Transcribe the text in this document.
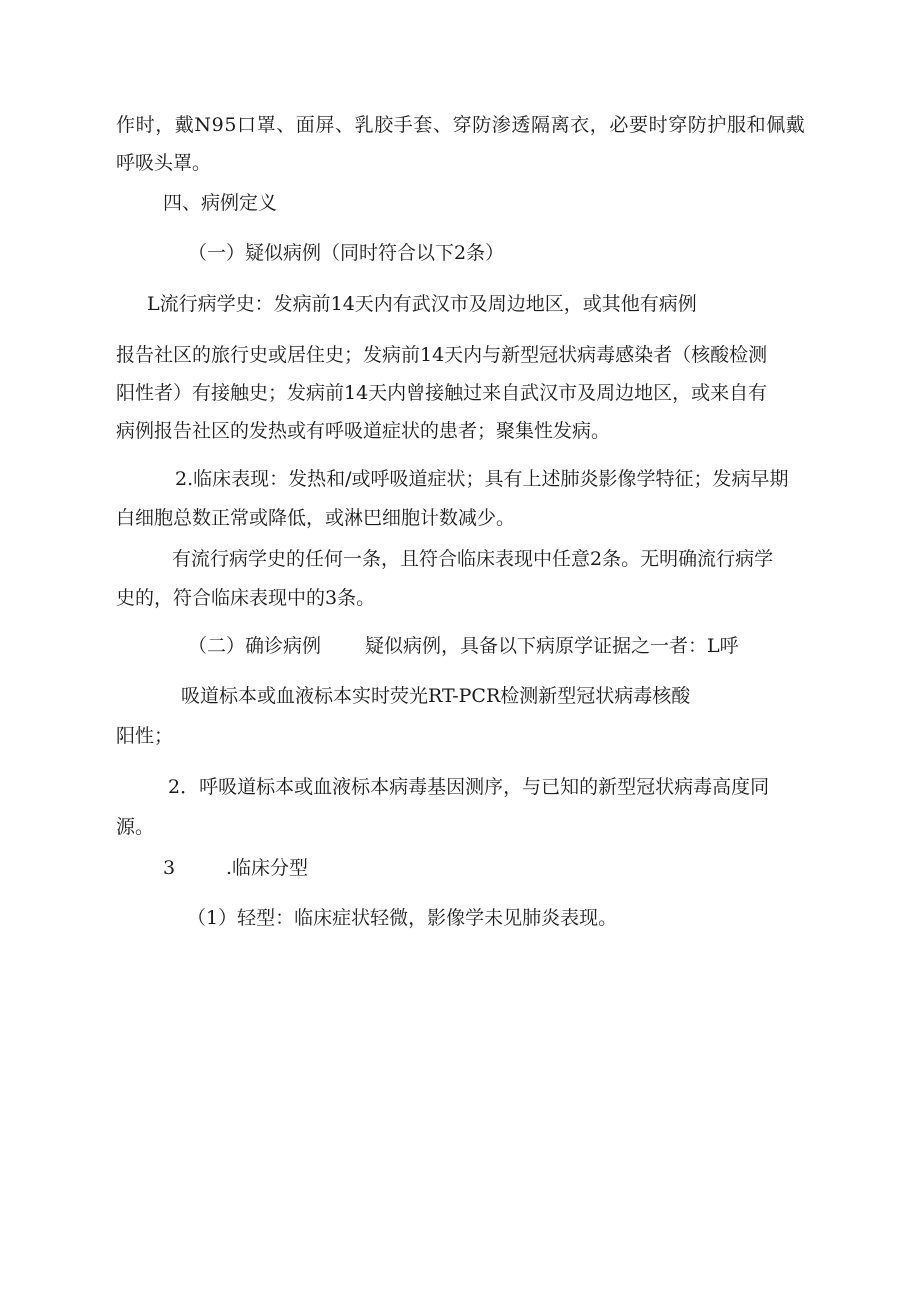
作时，戴N95口罩、面屏、乳胶手套、穿防渗透隔离衣，必要时穿防护服和佩戴

呼吸头罩。

四、病例定义

（一）疑似病例（同时符合以下2条）

L流行病学史：发病前14天内有武汉市及周边地区，或其他有病例

报告社区的旅行史或居住史；发病前14天内与新型冠状病毒感染者（核酸检测

阳性者）有接触史；发病前14天内曾接触过来自武汉市及周边地区，或来自有

病例报告社区的发热或有呼吸道症状的患者；聚集性发病。

2.临床表现：发热和/或呼吸道症状；具有上述肺炎影像学特征；发病早期

白细胞总数正常或降低，或淋巴细胞计数减少。

有流行病学史的任何一条，且符合临床表现中任意2条。无明确流行病学

史的，符合临床表现中的3条。

（二）确诊病例 疑似病例，具备以下病原学证据之一者：L呼

吸道标本或血液标本实时荧光RT-PCR检测新型冠状病毒核酸

阳性；

2．呼吸道标本或血液标本病毒基因测序，与已知的新型冠状病毒高度同

源。

3	.临床分型

（1）轻型：临床症状轻微，影像学未见肺炎表现。
